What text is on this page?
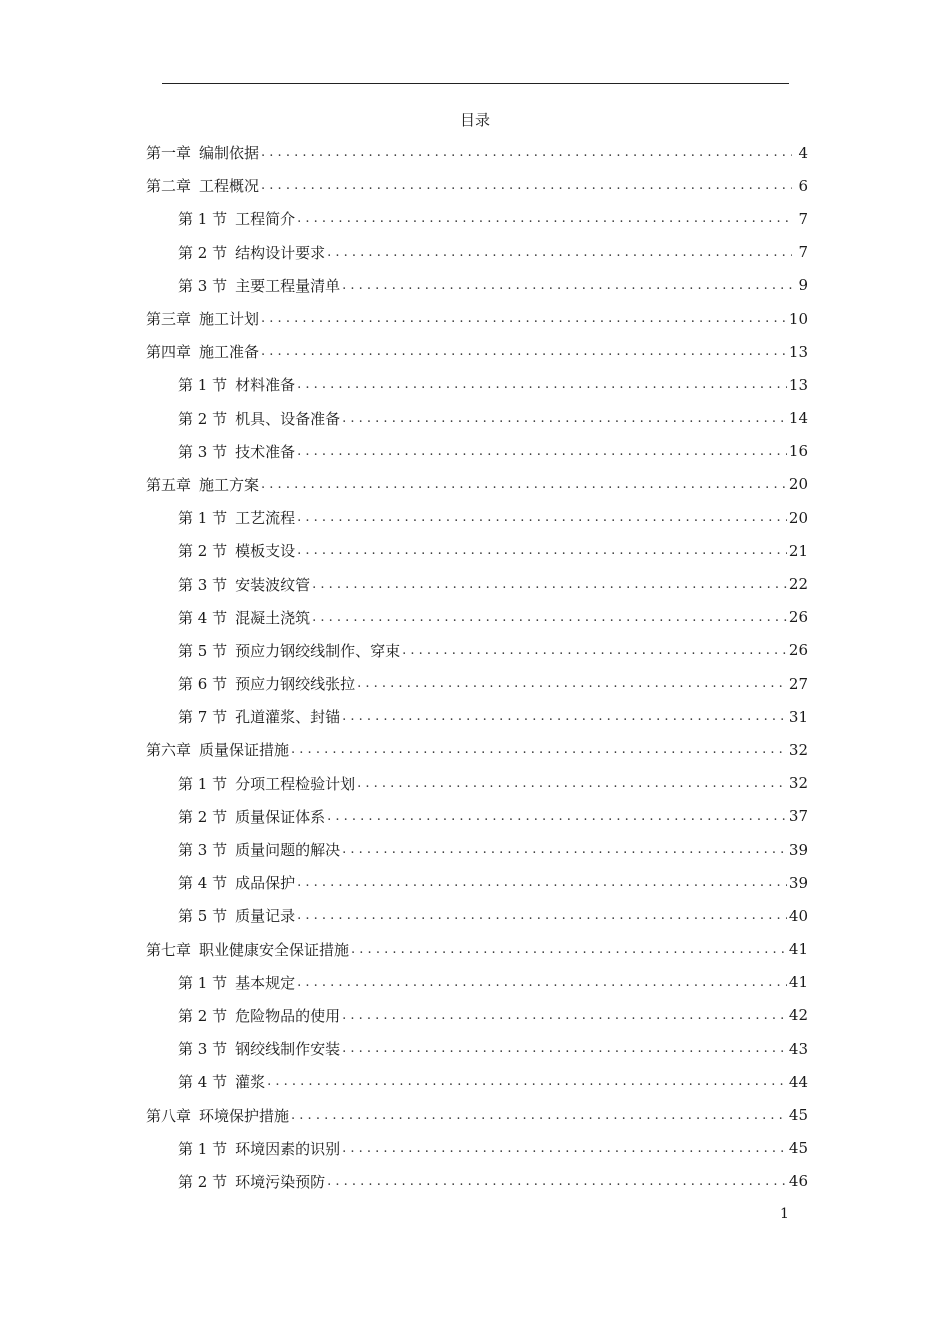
目录
第一章 编制依据 . . .	4
第二章 工程概况 . . .	6
第 1 节 工程简介 . . .	7
第 2 节 结构设计要求 . . .	7
第 3 节 主要工程量清单 . . .	9
第三章 施工计划 . . .	10
第四章 施工准备 . . .	13
第 1 节 材料准备 . . .	13
第 2 节 机具、设备准备 . . .	14
第 3 节 技术准备 . . .	16
第五章 施工方案 . . .	20
第 1 节 工艺流程 . . .	20
第 2 节 模板支设 . . .	21
第 3 节 安装波纹管 . . .	22
第 4 节 混凝土浇筑 . . .	26
第 5 节 预应力钢绞线制作、穿束 . . .	26
第 6 节 预应力钢绞线张拉 . . .	27
第 7 节 孔道灌浆、封锚 . . .	31
第六章 质量保证措施 . . .	32
第 1 节 分项工程检验计划 . . .	32
第 2 节 质量保证体系 . . .	37
第 3 节 质量问题的解决 . . .	39
第 4 节 成品保护 . . .	39
第 5 节 质量记录 . . .	40
第七章 职业健康安全保证措施 . . .	41
第 1 节 基本规定 . . .	41
第 2 节 危险物品的使用 . . .	42
第 3 节 钢绞线制作安装 . . .	43
第 4 节 灌浆 . . .	44
第八章 环境保护措施 . . .	45
第 1 节 环境因素的识别 . . .	45
第 2 节 环境污染预防 . . .	46
1
